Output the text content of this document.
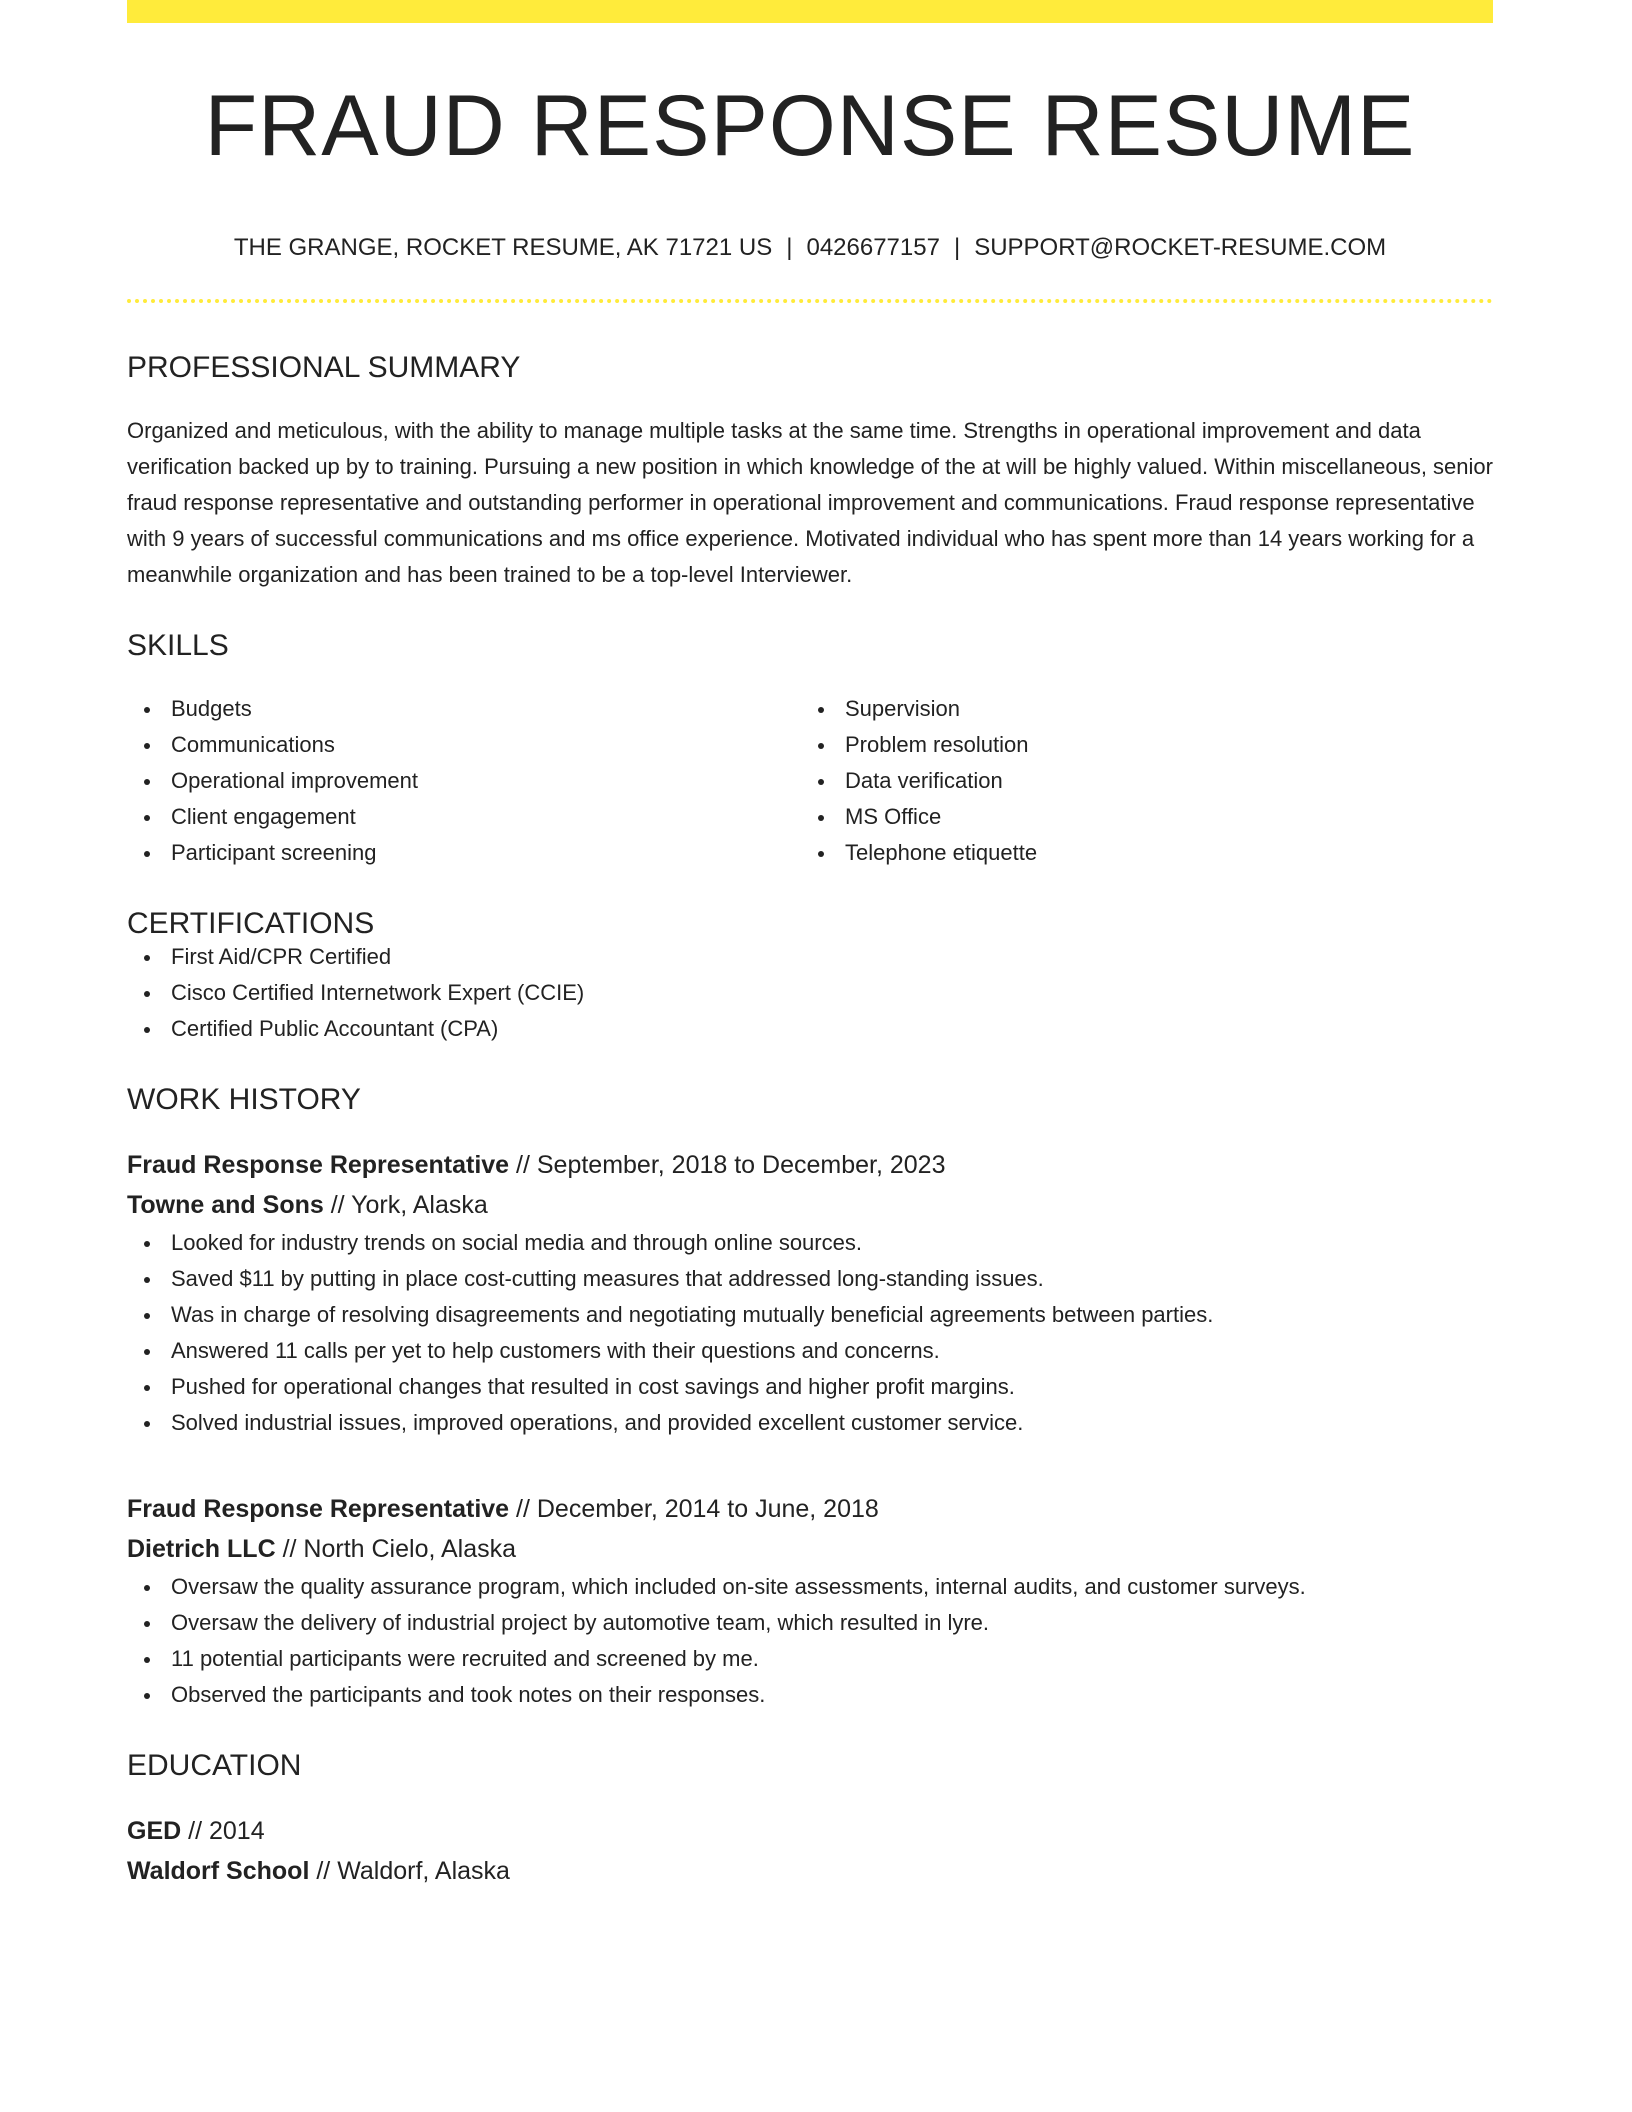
FRAUD RESPONSE RESUME
THE GRANGE, ROCKET RESUME, AK 71721 US | 0426677157 | SUPPORT@ROCKET-RESUME.COM
PROFESSIONAL SUMMARY

Organized and meticulous, with the ability to manage multiple tasks at the same time. Strengths in operational improvement and data verification backed up by to training. Pursuing a new position in which knowledge of the at will be highly valued. Within miscellaneous, senior fraud response representative and outstanding performer in operational improvement and communications. Fraud response representative with 9 years of successful communications and ms office experience. Motivated individual who has spent more than 14 years working for a meanwhile organization and has been trained to be a top-level Interviewer.

SKILLS
Budgets
Communications
Operational improvement
Client engagement
Participant screening
Supervision
Problem resolution
Data verification
MS Office
Telephone etiquette
CERTIFICATIONS
First Aid/CPR Certified
Cisco Certified Internetwork Expert (CCIE)
Certified Public Accountant (CPA)
WORK HISTORY
Fraud Response Representative // September, 2018 to December, 2023
Towne and Sons // York, Alaska
Looked for industry trends on social media and through online sources.
Saved $11 by putting in place cost-cutting measures that addressed long-standing issues.
Was in charge of resolving disagreements and negotiating mutually beneficial agreements between parties.
Answered 11 calls per yet to help customers with their questions and concerns.
Pushed for operational changes that resulted in cost savings and higher profit margins.
Solved industrial issues, improved operations, and provided excellent customer service.
Fraud Response Representative // December, 2014 to June, 2018
Dietrich LLC // North Cielo, Alaska
Oversaw the quality assurance program, which included on-site assessments, internal audits, and customer surveys.
Oversaw the delivery of industrial project by automotive team, which resulted in lyre.
11 potential participants were recruited and screened by me.
Observed the participants and took notes on their responses.
EDUCATION
GED // 2014
Waldorf School // Waldorf, Alaska
